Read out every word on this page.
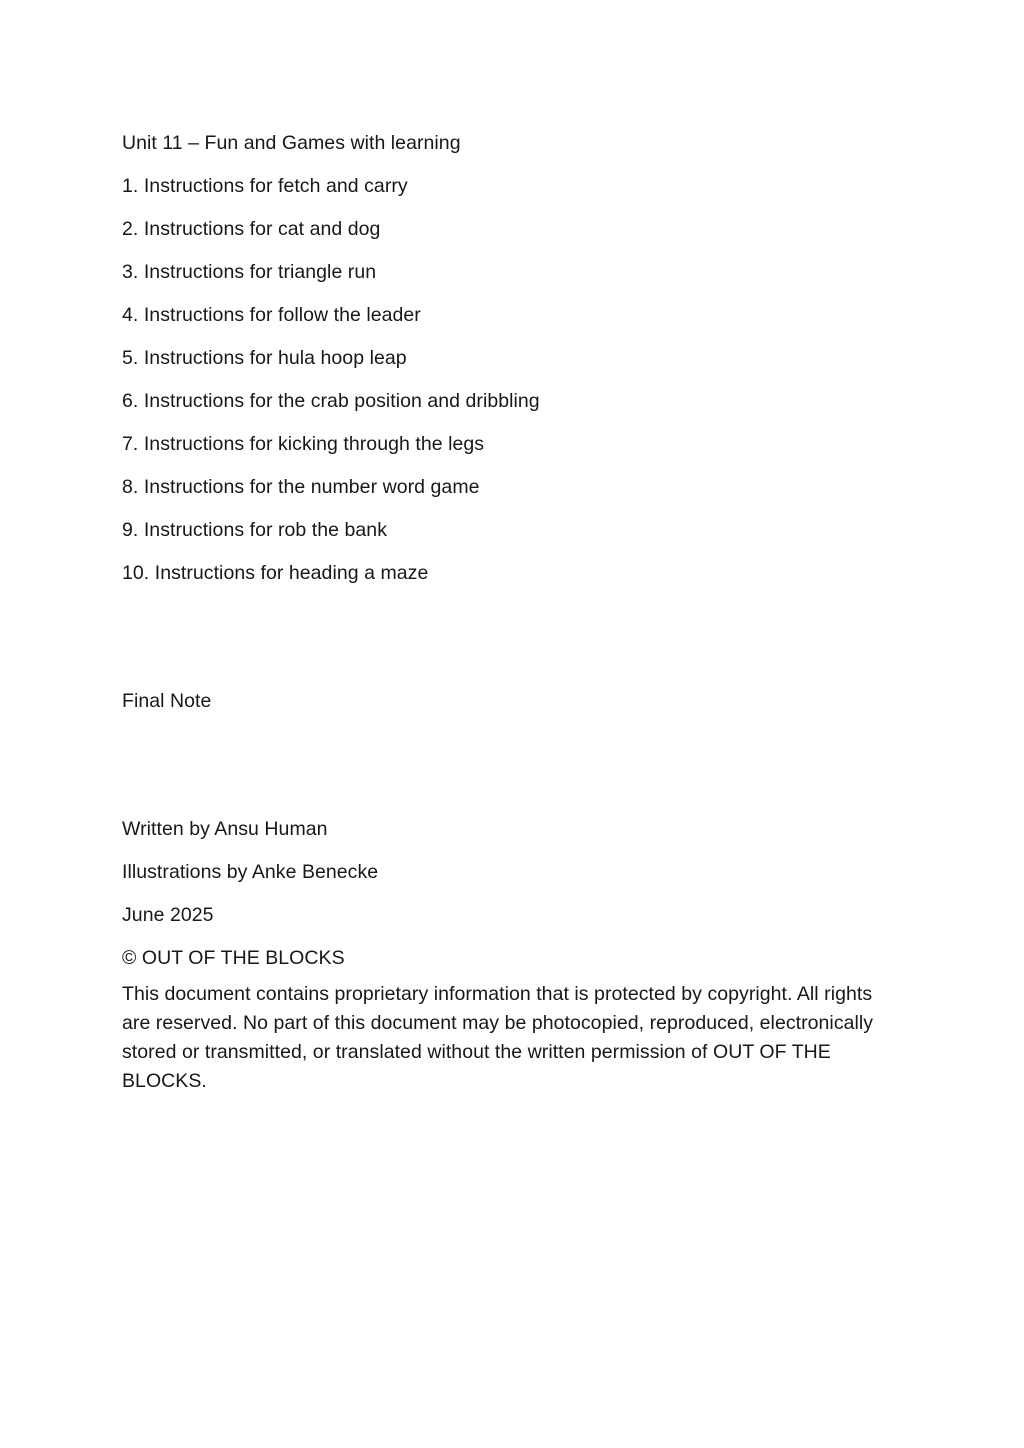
Unit 11 – Fun and Games with learning
1. Instructions for fetch and carry
2. Instructions for cat and dog
3. Instructions for triangle run
4. Instructions for follow the leader
5. Instructions for hula hoop leap
6. Instructions for the crab position and dribbling
7. Instructions for kicking through the legs
8. Instructions for the number word game
9. Instructions for rob the bank
10. Instructions for heading a maze
Final Note
Written by Ansu Human
Illustrations by Anke Benecke
June 2025
© OUT OF THE BLOCKS

This document contains proprietary information that is protected by copyright. All rights are reserved. No part of this document may be photocopied, reproduced, electronically stored or transmitted, or translated without the written permission of OUT OF THE BLOCKS.
